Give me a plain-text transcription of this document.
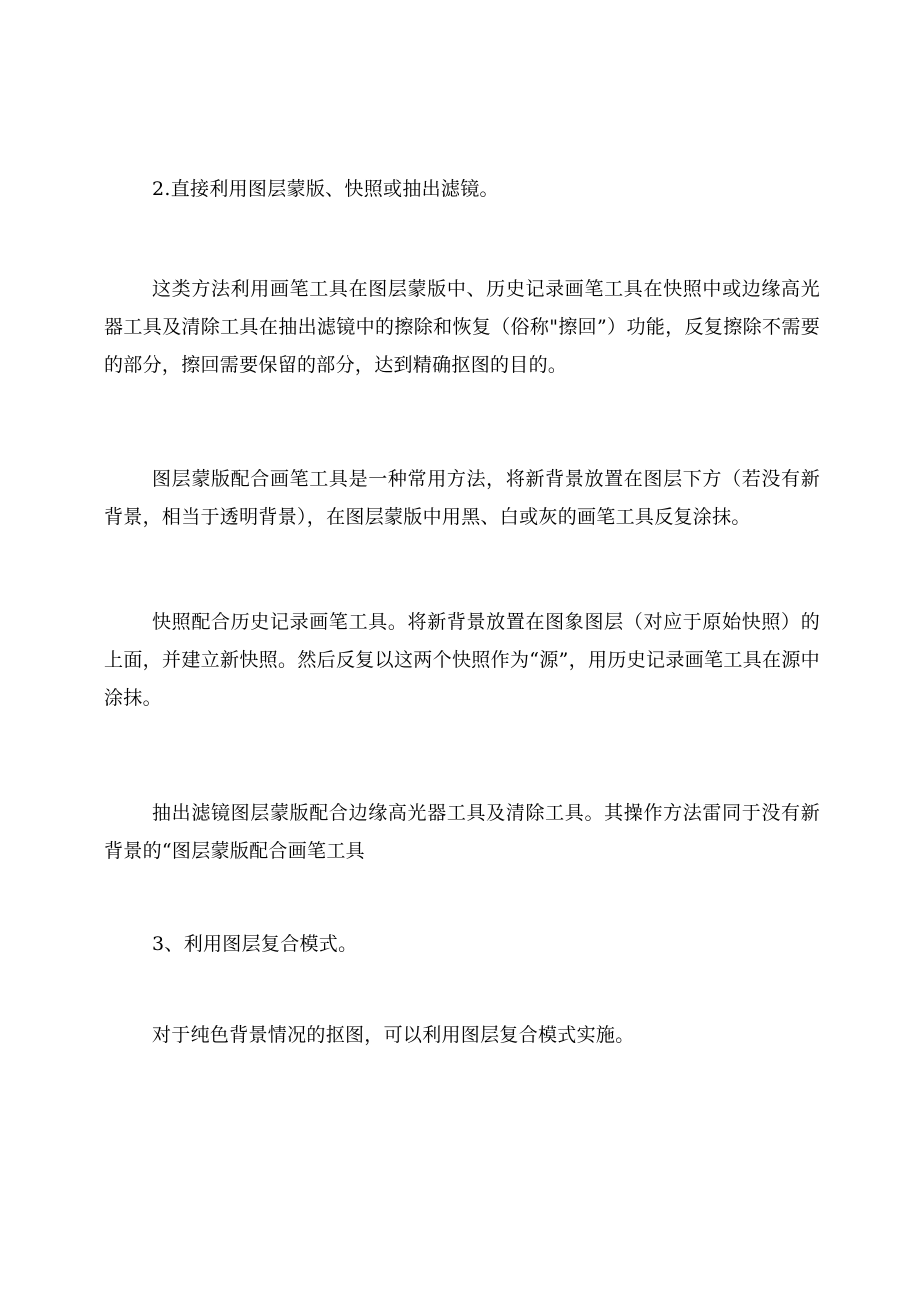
2.直接利用图层蒙版、快照或抽出滤镜。

这类方法利用画笔工具在图层蒙版中、历史记录画笔工具在快照中或边缘高光器工具及清除工具在抽出滤镜中的擦除和恢复（俗称"擦回”）功能，反复擦除不需要的部分，擦回需要保留的部分，达到精确抠图的目的。

图层蒙版配合画笔工具是一种常用方法，将新背景放置在图层下方（若没有新背景，相当于透明背景），在图层蒙版中用黑、白或灰的画笔工具反复涂抹。

快照配合历史记录画笔工具。将新背景放置在图象图层（对应于原始快照）的上面，并建立新快照。然后反复以这两个快照作为“源”，用历史记录画笔工具在源中涂抹。

抽出滤镜图层蒙版配合边缘高光器工具及清除工具。其操作方法雷同于没有新背景的“图层蒙版配合画笔工具

3、利用图层复合模式。

对于纯色背景情况的抠图，可以利用图层复合模式实施。
